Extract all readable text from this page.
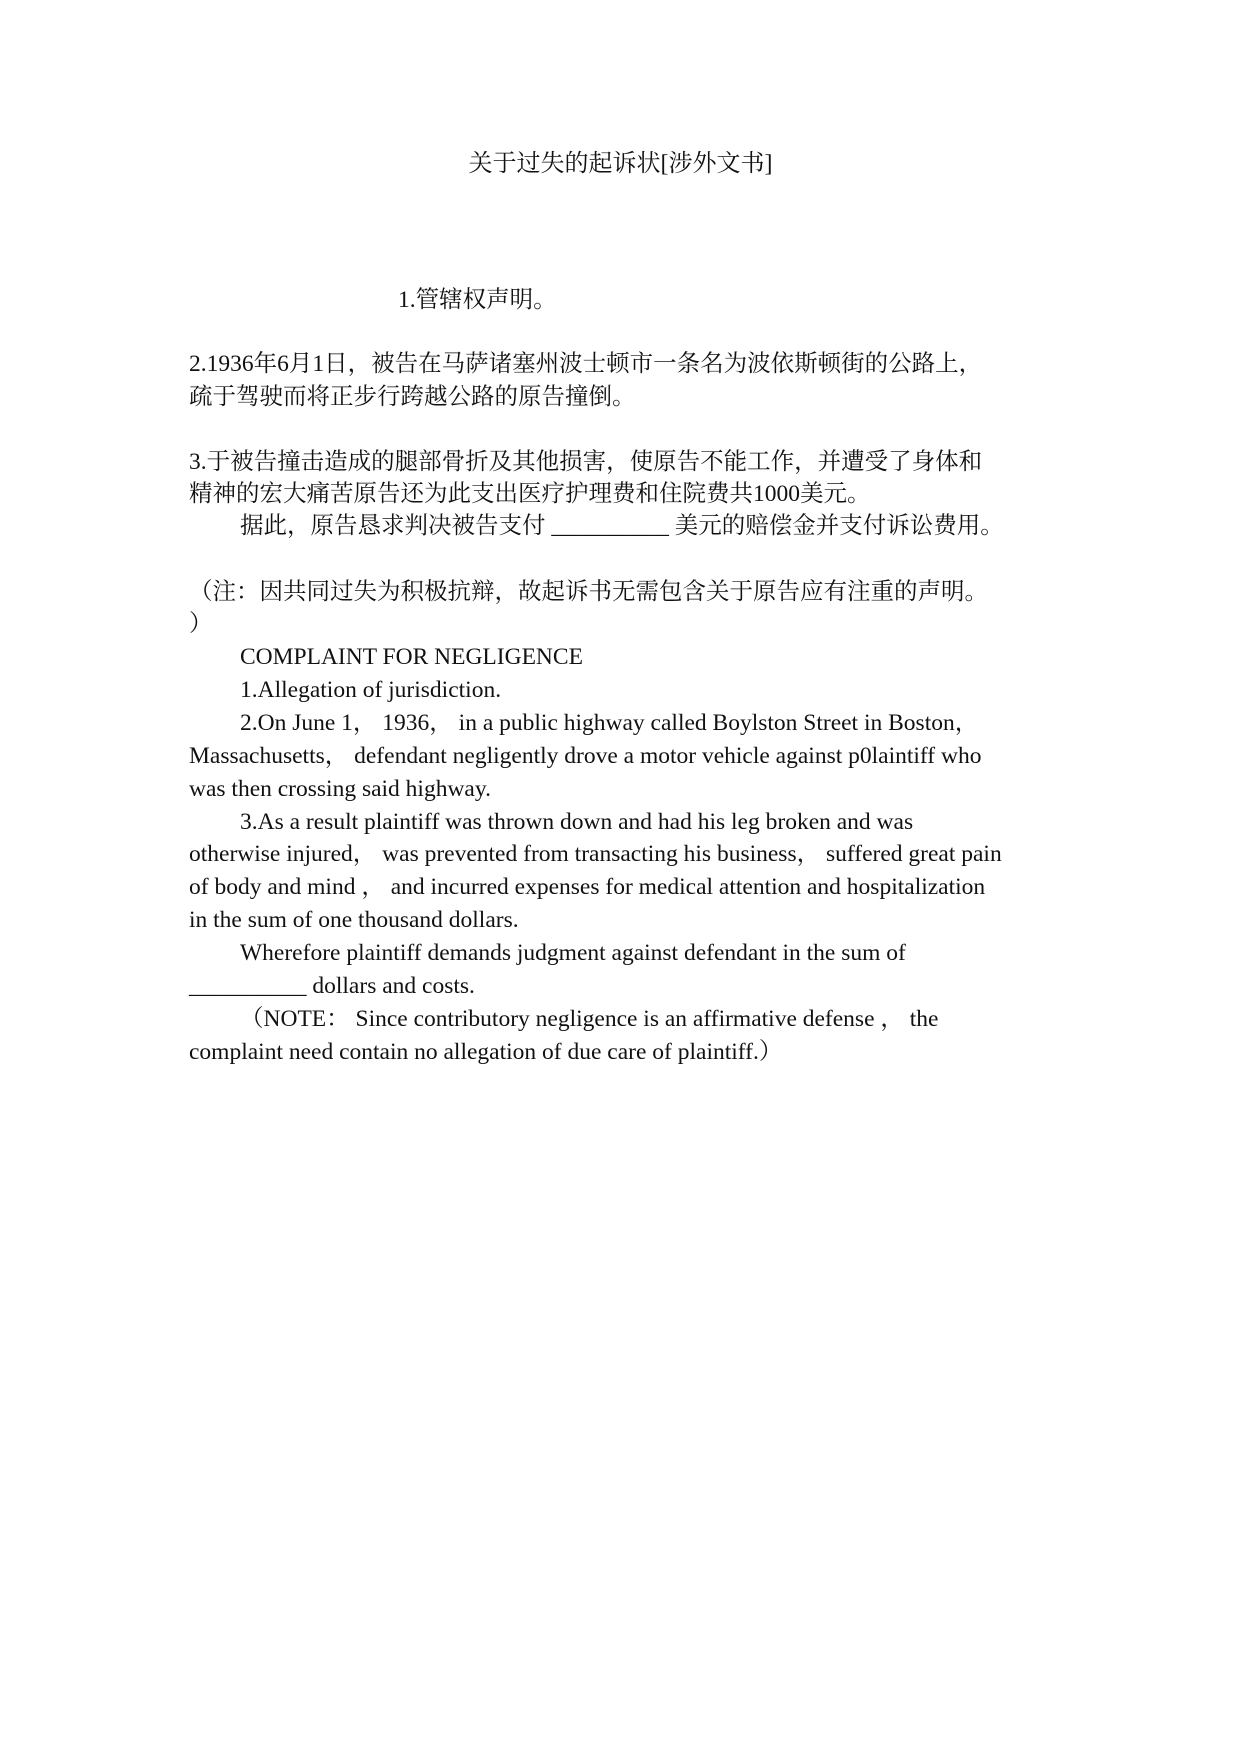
关于过失的起诉状[涉外文书]
1.管辖权声明。
2.1936年6月1日，被告在马萨诸塞州波士顿市一条名为波依斯顿街的公路上，
疏于驾驶而将正步行跨越公路的原告撞倒。
3.于被告撞击造成的腿部骨折及其他损害，使原告不能工作，并遭受了身体和
精神的宏大痛苦原告还为此支出医疗护理费和住院费共1000美元。
据此，原告恳求判决被告支付 __________ 美元的赔偿金并支付诉讼费用。
（注：因共同过失为积极抗辩，故起诉书无需包含关于原告应有注重的声明。
）
COMPLAINT FOR NEGLIGENCE
1.Allegation of jurisdiction.
2.On June 1， 1936， in a public highway called Boylston Street in Boston，
Massachusetts， defendant negligently drove a motor vehicle against p0laintiff who
was then crossing said highway.
3.As a result plaintiff was thrown down and had his leg broken and was
otherwise injured， was prevented from transacting his business， suffered great pain
of body and mind ， and incurred expenses for medical attention and hospitalization
in the sum of one thousand dollars.
Wherefore plaintiff demands judgment against defendant in the sum of
__________ dollars and costs.
（NOTE： Since contributory negligence is an affirmative defense ， the
complaint need contain no allegation of due care of plaintiff.）
